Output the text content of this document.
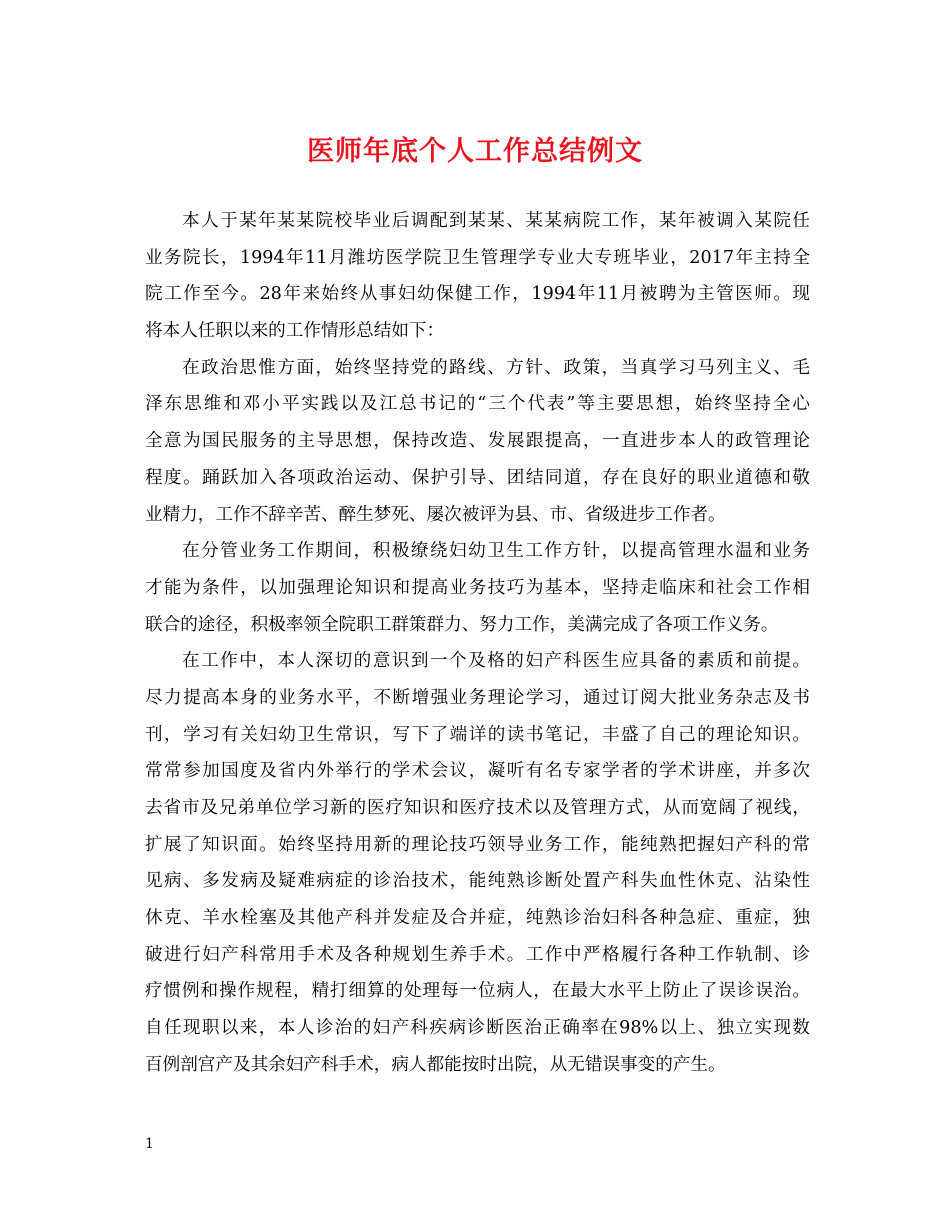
医师年底个人工作总结例文
本人于某年某某院校毕业后调配到某某、某某病院工作，某年被调入某院任
业务院长，1994年11月潍坊医学院卫生管理学专业大专班毕业，2017年主持全
院工作至今。28年来始终从事妇幼保健工作，1994年11月被聘为主管医师。现
将本人任职以来的工作情形总结如下：
在政治思惟方面，始终坚持党的路线、方针、政策，当真学习马列主义、毛
泽东思维和邓小平实践以及江总书记的“三个代表”等主要思想，始终坚持全心
全意为国民服务的主导思想，保持改造、发展跟提高，一直进步本人的政管理论
程度。踊跃加入各项政治运动、保护引导、团结同道，存在良好的职业道德和敬
业精力，工作不辞辛苦、醉生梦死、屡次被评为县、市、省级进步工作者。
在分管业务工作期间，积极缭绕妇幼卫生工作方针，以提高管理水温和业务
才能为条件，以加强理论知识和提高业务技巧为基本，坚持走临床和社会工作相
联合的途径，积极率领全院职工群策群力、努力工作，美满完成了各项工作义务。
在工作中，本人深切的意识到一个及格的妇产科医生应具备的素质和前提。
尽力提高本身的业务水平，不断增强业务理论学习，通过订阅大批业务杂志及书
刊，学习有关妇幼卫生常识，写下了端详的读书笔记，丰盛了自己的理论知识。
常常参加国度及省内外举行的学术会议，凝听有名专家学者的学术讲座，并多次
去省市及兄弟单位学习新的医疗知识和医疗技术以及管理方式，从而宽阔了视线，
扩展了知识面。始终坚持用新的理论技巧领导业务工作，能纯熟把握妇产科的常
见病、多发病及疑难病症的诊治技术，能纯熟诊断处置产科失血性休克、沾染性
休克、羊水栓塞及其他产科并发症及合并症，纯熟诊治妇科各种急症、重症，独
破进行妇产科常用手术及各种规划生养手术。工作中严格履行各种工作轨制、诊
疗惯例和操作规程，精打细算的处理每一位病人，在最大水平上防止了误诊误治。
自任现职以来，本人诊治的妇产科疾病诊断医治正确率在98%以上、独立实现数
百例剖宫产及其余妇产科手术，病人都能按时出院，从无错误事变的产生。
1
